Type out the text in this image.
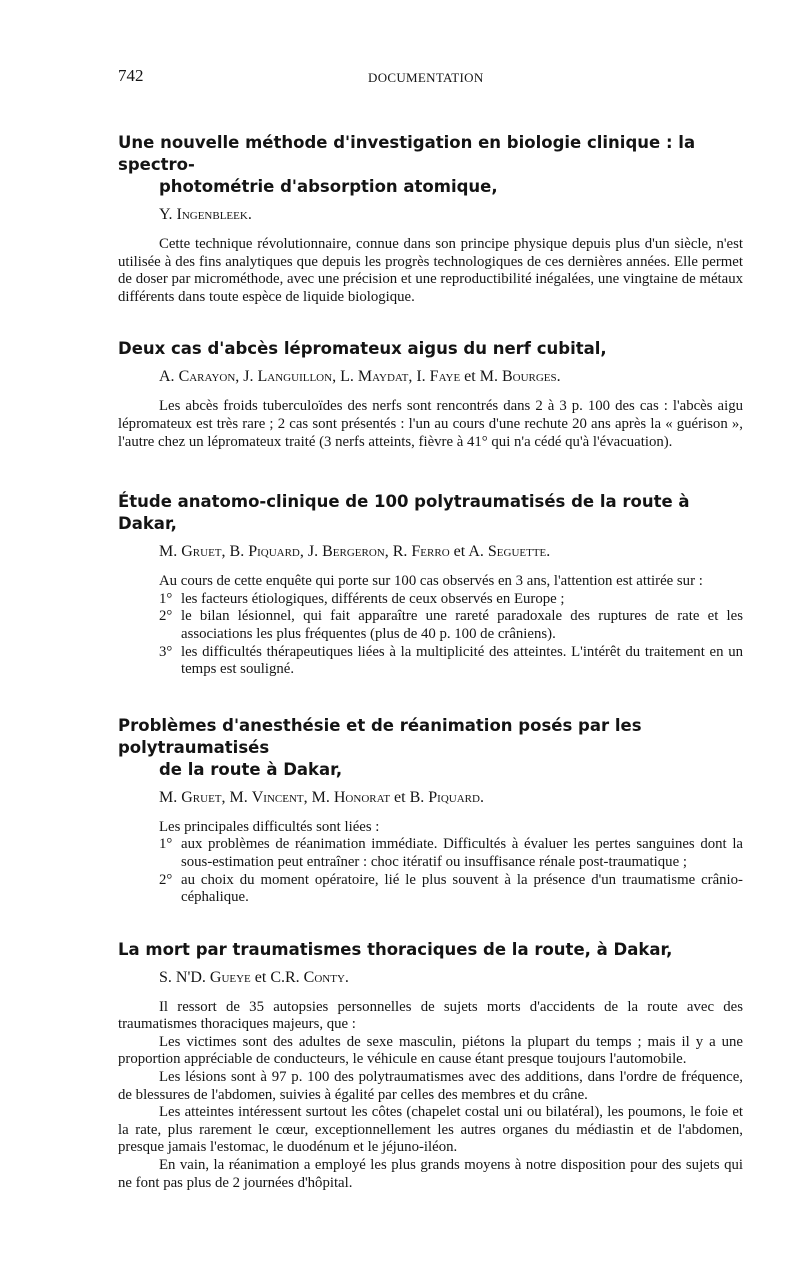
742	DOCUMENTATION
Une nouvelle méthode d'investigation en biologie clinique : la spectro-
photométrie d'absorption atomique,
Y. Ingenbleek.

Cette technique révolutionnaire, connue dans son principe physique depuis plus d'un siècle, n'est utilisée à des fins analytiques que depuis les progrès technologiques de ces dernières années. Elle permet de doser par microméthode, avec une précision et une reproductibilité inégalées, une vingtaine de métaux différents dans toute espèce de liquide biologique.

Deux cas d'abcès lépromateux aigus du nerf cubital,
A. Carayon, J. Languillon, L. Maydat, I. Faye et M. Bourges.

Les abcès froids tuberculoïdes des nerfs sont rencontrés dans 2 à 3 p. 100 des cas : l'abcès aigu lépromateux est très rare ; 2 cas sont présentés : l'un au cours d'une rechute 20 ans après la « guérison », l'autre chez un lépromateux traité (3 nerfs atteints, fièvre à 41° qui n'a cédé qu'à l'évacuation).

Étude anatomo-clinique de 100 polytraumatisés de la route à Dakar,
M. Gruet, B. Piquard, J. Bergeron, R. Ferro et A. Seguette.

Au cours de cette enquête qui porte sur 100 cas observés en 3 ans, l'attention est attirée sur :

1° les facteurs étiologiques, différents de ceux observés en Europe ;
2° le bilan lésionnel, qui fait apparaître une rareté paradoxale des ruptures de rate et les associations les plus fréquentes (plus de 40 p. 100 de crâniens).
3° les difficultés thérapeutiques liées à la multiplicité des atteintes. L'intérêt du traitement en un temps est souligné.
Problèmes d'anesthésie et de réanimation posés par les polytraumatisés
de la route à Dakar,
M. Gruet, M. Vincent, M. Honorat et B. Piquard.

Les principales difficultés sont liées :

1° aux problèmes de réanimation immédiate. Difficultés à évaluer les pertes sanguines dont la sous-estimation peut entraîner : choc itératif ou insuffisance rénale post-traumatique ;
2° au choix du moment opératoire, lié le plus souvent à la présence d'un traumatisme crânio-céphalique.
La mort par traumatismes thoraciques de la route, à Dakar,
S. N'D. Gueye et C.R. Conty.

Il ressort de 35 autopsies personnelles de sujets morts d'accidents de la route avec des traumatismes thoraciques majeurs, que :

Les victimes sont des adultes de sexe masculin, piétons la plupart du temps ; mais il y a une proportion appréciable de conducteurs, le véhicule en cause étant presque toujours l'automobile.

Les lésions sont à 97 p. 100 des polytraumatismes avec des additions, dans l'ordre de fréquence, de blessures de l'abdomen, suivies à égalité par celles des membres et du crâne.

Les atteintes intéressent surtout les côtes (chapelet costal uni ou bilatéral), les poumons, le foie et la rate, plus rarement le cœur, exceptionnellement les autres organes du médiastin et de l'abdomen, presque jamais l'estomac, le duodénum et le jéjuno-iléon.

En vain, la réanimation a employé les plus grands moyens à notre disposition pour des sujets qui ne font pas plus de 2 journées d'hôpital.
